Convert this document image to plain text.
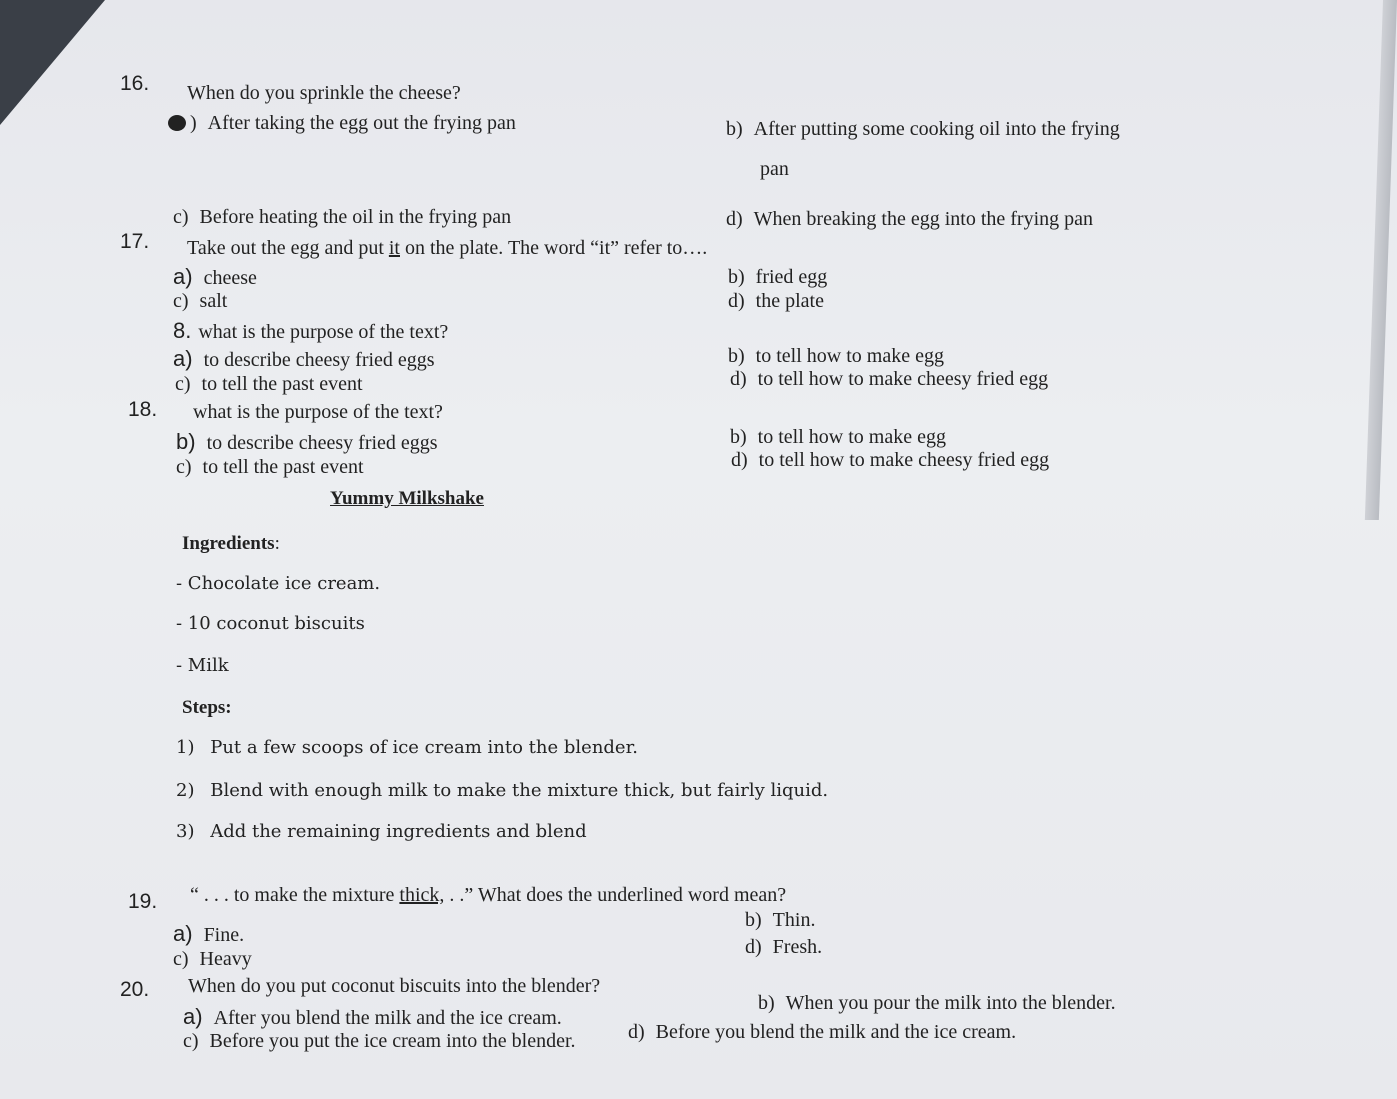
16. When do you sprinkle the cheese?
) After taking the egg out the frying pan	b) After putting some cooking oil into the frying
pan
c) Before heating the oil in the frying pan	d) When breaking the egg into the frying pan
17. Take out the egg and put it on the plate. The word “it” refer to….
a) cheese	b) fried egg
c) salt	d) the plate
8. what is the purpose of the text?
a) to describe cheesy fried eggs	b) to tell how to make egg
c) to tell the past event	d) to tell how to make cheesy fried egg
18. what is the purpose of the text?
b) to describe cheesy fried eggs	b) to tell how to make egg
c) to tell the past event	d) to tell how to make cheesy fried egg
Yummy Milkshake
Ingredients:
- Chocolate ice cream.
- 10 coconut biscuits
- Milk
Steps:
1) Put a few scoops of ice cream into the blender.
2) Blend with enough milk to make the mixture thick, but fairly liquid.
3) Add the remaining ingredients and blend
19. “ . . . to make the mixture thick, . .” What does the underlined word mean?
a) Fine.
b) Thin.
c) Heavy
d) Fresh.
20. When do you put coconut biscuits into the blender?
a) After you blend the milk and the ice cream.
b) When you pour the milk into the blender.
c) Before you put the ice cream into the blender.	d) Before you blend the milk and the ice cream.
